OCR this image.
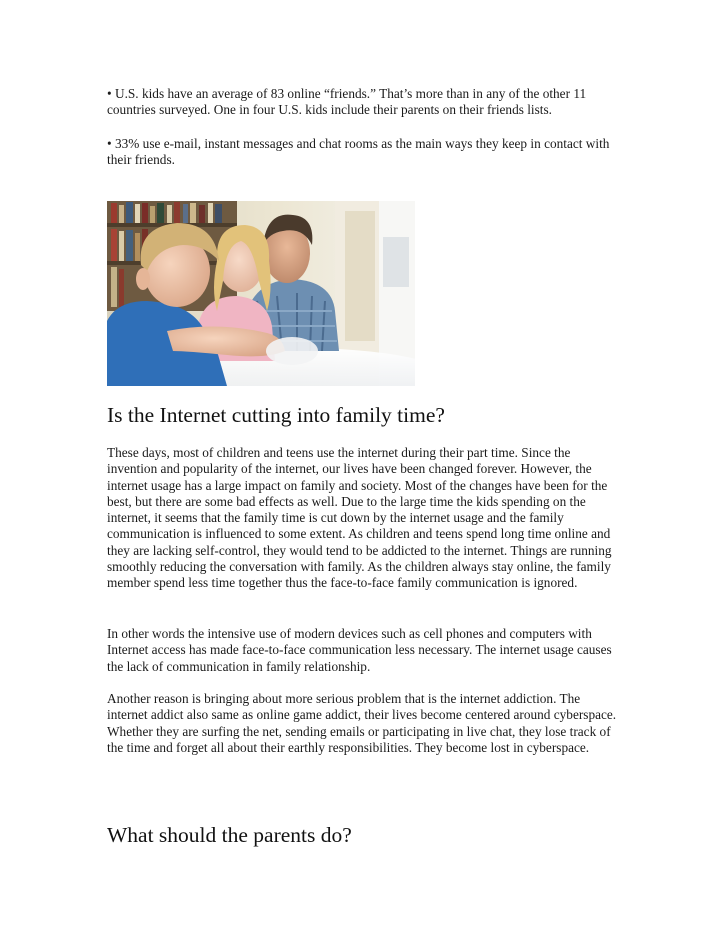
• U.S. kids have an average of 83 online “friends.” That’s more than in any of the other 11 countries surveyed. One in four U.S. kids include their parents on their friends lists.

• 33% use e-mail, instant messages and chat rooms as the main ways they keep in contact with their friends.

Is the Internet cutting into family time?

These days, most of children and teens use the internet during their part time. Since the invention and popularity of the internet, our lives have been changed forever. However, the internet usage has a large impact on family and society. Most of the changes have been for the best, but there are some bad effects as well. Due to the large time the kids spending on the internet, it seems that the family time is cut down by the internet usage and the family communication is influenced to some extent. As children and teens spend long time online and they are lacking self-control, they would tend to be addicted to the internet. Things are running smoothly reducing the conversation with family. As the children always stay online, the family member spend less time together thus the face-to-face family communication is ignored.

In other words the intensive use of modern devices such as cell phones and computers with Internet access has made face-to-face communication less necessary. The internet usage causes the lack of communication in family relationship.

Another reason is bringing about more serious problem that is the internet addiction. The internet addict also same as online game addict, their lives become centered around cyberspace. Whether they are surfing the net, sending emails or participating in live chat, they lose track of the time and forget all about their earthly responsibilities. They become lost in cyberspace.

What should the parents do?
